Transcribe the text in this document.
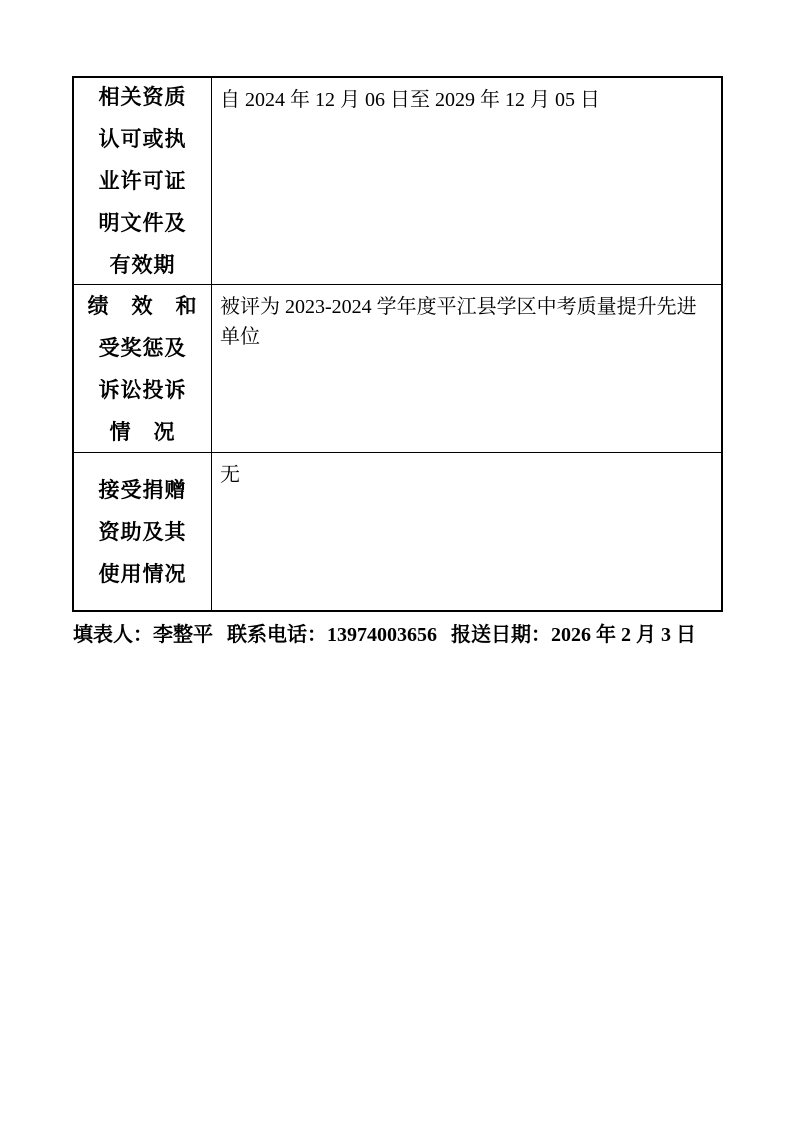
相关资质
认可或执
业许可证
明文件及
有效期
自 2024 年 12 月 06 日至 2029 年 12 月 05 日
绩　效　和
受奖惩及
诉讼投诉
情　况
被评为 2023-2024 学年度平江县学区中考质量提升先进单位
接受捐赠
资助及其
使用情况
无
填表人：李整平 联系电话：13974003656 报送日期：2026 年 2 月 3 日
